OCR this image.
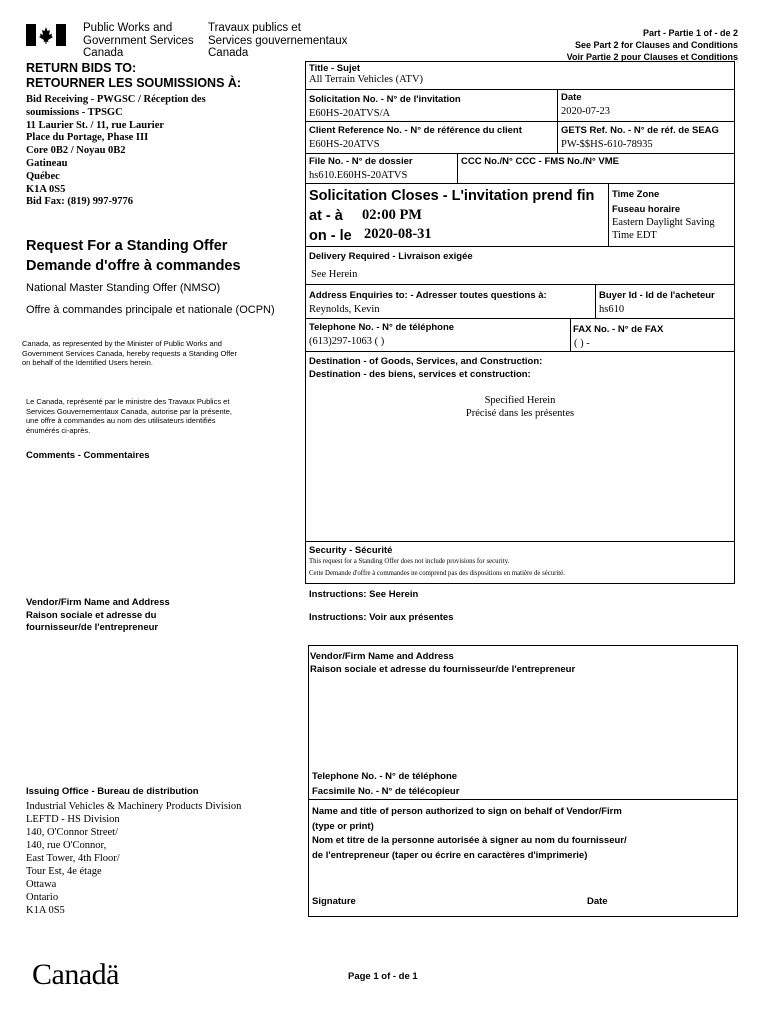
Public Works and
Government Services
Canada
Travaux publics et
Services gouvernementaux
Canada
Part - Partie 1 of - de 2
See Part 2 for Clauses and Conditions
Voir Partie 2 pour Clauses et Conditions
RETURN BIDS TO:
RETOURNER LES SOUMISSIONS À:
Bid Receiving - PWGSC / Réception des
soumissions - TPSGC
11 Laurier St. / 11, rue Laurier
Place du Portage, Phase III
Core 0B2 / Noyau 0B2
Gatineau
Québec
K1A 0S5
Bid Fax: (819) 997-9776
Request For a Standing Offer
Demande d'offre à commandes
National Master Standing Offer (NMSO)
Offre à commandes principale et nationale (OCPN)
Canada, as represented by the Minister of Public Works and
Government Services Canada, hereby requests a Standing Offer
on behalf of the Identified Users herein.
Le Canada, représenté par le ministre des Travaux Publics et
Services Gouvernementaux Canada, autorise par la présente,
une offre à commandes au nom des utilisateurs identifiés
énumérés ci-après.
Comments - Commentaires
Vendor/Firm Name and Address
Raison sociale et adresse du
fournisseur/de l'entrepreneur
Issuing Office - Bureau de distribution
Industrial Vehicles & Machinery Products Division
LEFTD - HS Division
140, O'Connor Street/
140, rue O'Connor,
East Tower, 4th Floor/
Tour Est, 4e étage
Ottawa
Ontario
K1A 0S5
Title - Sujet
All Terrain Vehicles (ATV)
Solicitation No. - N° de l'invitation
E60HS-20ATVS/A
Date
2020-07-23
Client Reference No. - N° de référence du client
E60HS-20ATVS
GETS Ref. No. - N° de réf. de SEAG
PW-$$HS-610-78935
File No. - N° de dossier
hs610.E60HS-20ATVS
CCC No./N° CCC - FMS No./N° VME
Solicitation Closes - L'invitation prend fin
at - à 02:00 PM
on - le 2020-08-31
Time Zone
Fuseau horaire
Eastern Daylight Saving
Time EDT
Delivery Required - Livraison exigée
See Herein
Address Enquiries to: - Adresser toutes questions à:
Reynolds, Kevin
Buyer Id - Id de l'acheteur
hs610
Telephone No. - N° de téléphone
(613)297-1063 ( )
FAX No. - N° de FAX
( ) -
Destination - of Goods, Services, and Construction:
Destination - des biens, services et construction:
Specified Herein
Précisé dans les présentes
Security - Sécurité
This request for a Standing Offer does not include provisions for security.
Cette Demande d'offre à commandes ne comprend pas des dispositions en matière de sécurité.
Instructions: See Herein
Instructions: Voir aux présentes
Vendor/Firm Name and Address
Raison sociale et adresse du fournisseur/de l'entrepreneur
Telephone No. - N° de téléphone
Facsimile No. - N° de télécopieur
Name and title of person authorized to sign on behalf of Vendor/Firm
(type or print)
Nom et titre de la personne autorisée à signer au nom du fournisseur/
de l'entrepreneur (taper ou écrire en caractères d'imprimerie)
Signature	Date
Canadä	Page 1 of - de 1
